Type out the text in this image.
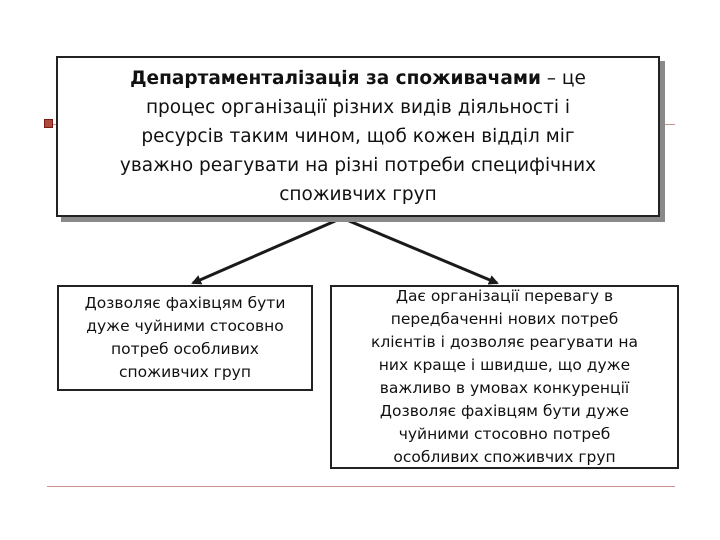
Департаменталізація за споживачами – це
процес організації різних видів діяльності і
ресурсів таким чином, щоб кожен відділ міг
уважно реагувати на різні потреби специфічних
споживчих груп
Дозволяє фахівцям бути
дуже чуйними стосовно
потреб особливих
споживчих груп
Дає організації перевагу в
передбаченні нових потреб
клієнтів і дозволяє реагувати на
них краще і швидше, що дуже
важливо в умовах конкуренції
Дозволяє фахівцям бути дуже
чуйними стосовно потреб
особливих споживчих груп
